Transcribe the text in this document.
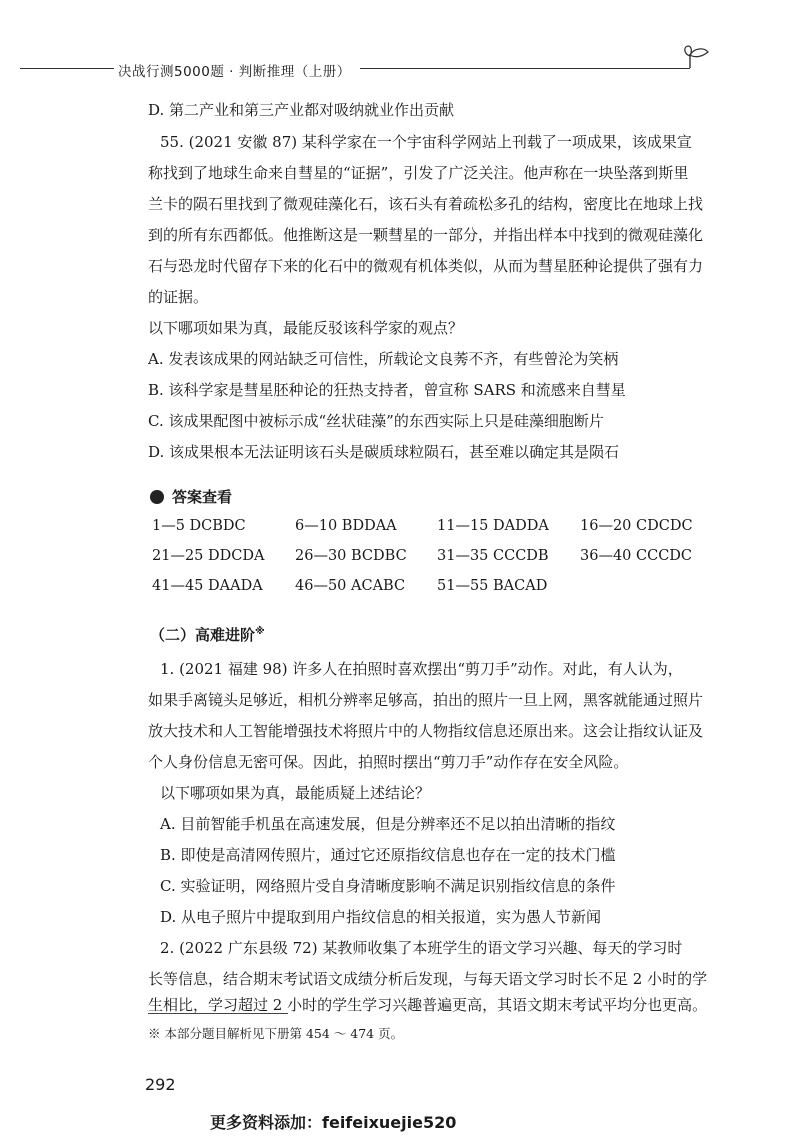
决战行测5000题 · 判断推理（上册）
D. 第二产业和第三产业都对吸纳就业作出贡献
55. (2021 安徽 87) 某科学家在一个宇宙科学网站上刊载了一项成果，该成果宣
称找到了地球生命来自彗星的“证据”，引发了广泛关注。他声称在一块坠落到斯里
兰卡的陨石里找到了微观硅藻化石，该石头有着疏松多孔的结构，密度比在地球上找
到的所有东西都低。他推断这是一颗彗星的一部分，并指出样本中找到的微观硅藻化
石与恐龙时代留存下来的化石中的微观有机体类似，从而为彗星胚种论提供了强有力
的证据。
以下哪项如果为真，最能反驳该科学家的观点？
A. 发表该成果的网站缺乏可信性，所载论文良莠不齐，有些曾沦为笑柄
B. 该科学家是彗星胚种论的狂热支持者，曾宣称 SARS 和流感来自彗星
C. 该成果配图中被标示成“丝状硅藻”的东西实际上只是硅藻细胞断片
D. 该成果根本无法证明该石头是碳质球粒陨石，甚至难以确定其是陨石
答案查看
1—5 DCBDC	6—10 BDDAA	11—15 DADDA 16—20 CDCDC
21—25 DDCDA 26—30 BCDBC 31—35 CCCDB 36—40 CCCDC
41—45 DAADA 46—50 ACABC 51—55 BACAD
（二）高难进阶※
1. (2021 福建 98) 许多人在拍照时喜欢摆出“剪刀手”动作。对此，有人认为，
如果手离镜头足够近，相机分辨率足够高，拍出的照片一旦上网，黑客就能通过照片
放大技术和人工智能增强技术将照片中的人物指纹信息还原出来。这会让指纹认证及
个人身份信息无密可保。因此，拍照时摆出“剪刀手”动作存在安全风险。
以下哪项如果为真，最能质疑上述结论？
A. 目前智能手机虽在高速发展，但是分辨率还不足以拍出清晰的指纹
B. 即使是高清网传照片，通过它还原指纹信息也存在一定的技术门槛
C. 实验证明，网络照片受自身清晰度影响不满足识别指纹信息的条件
D. 从电子照片中提取到用户指纹信息的相关报道，实为愚人节新闻
2. (2022 广东县级 72) 某教师收集了本班学生的语文学习兴趣、每天的学习时
长等信息，结合期末考试语文成绩分析后发现，与每天语文学习时长不足 2 小时的学
生相比，学习超过 2 小时的学生学习兴趣普遍更高，其语文期末考试平均分也更高。
※ 本部分题目解析见下册第 454 ～ 474 页。
292
更多资料添加：feifeixuejie520
